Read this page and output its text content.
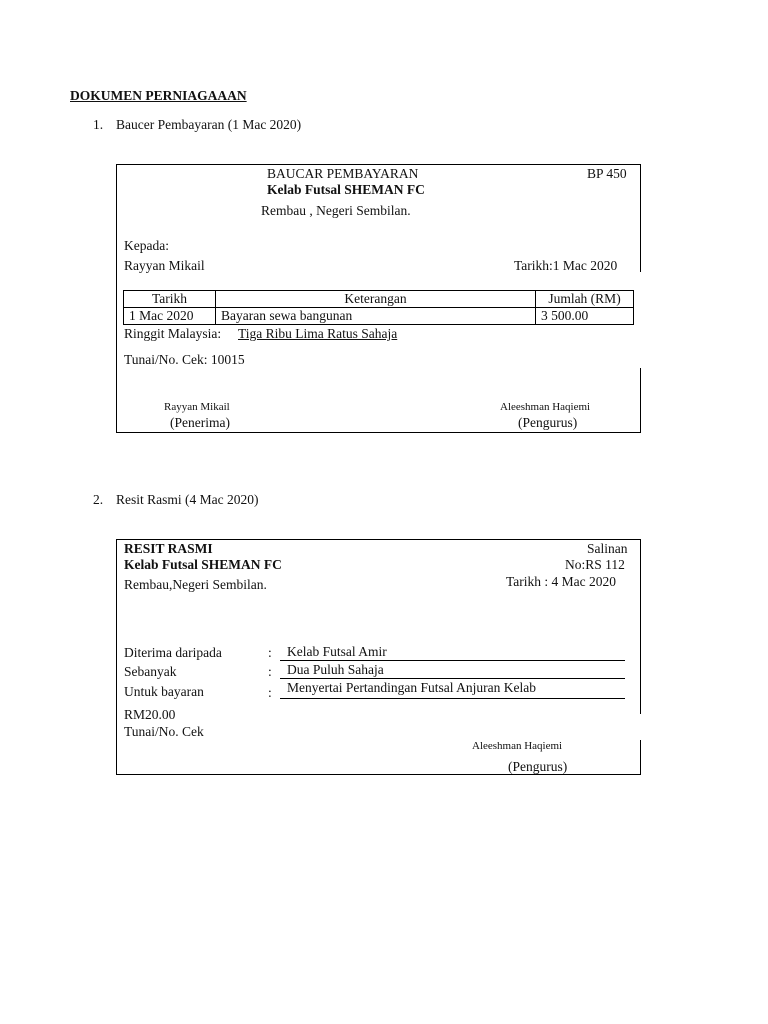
DOKUMEN PERNIAGAAAN
1. Baucer Pembayaran (1 Mac 2020)
BAUCAR PEMBAYARAN	BP 450
Kelab Futsal SHEMAN FC
Rembau , Negeri Sembilan.
Kepada:
Rayyan Mikail	Tarikh:1 Mac 2020
Tarikh	Keterangan	Jumlah (RM)
1 Mac 2020	Bayaran sewa bangunan	3 500.00
Ringgit Malaysia: Tiga Ribu Lima Ratus Sahaja
Tunai/No. Cek: 10015
Rayyan Mikail
(Penerima)
Aleeshman Haqiemi
(Pengurus)
2. Resit Rasmi (4 Mac 2020)
RESIT RASMI	Salinan
Kelab Futsal SHEMAN FC	No:RS 112
Rembau,Negeri Sembilan.	Tarikh : 4 Mac 2020
Diterima daripada	: Kelab Futsal Amir
Sebanyak	: Dua Puluh Sahaja
Untuk bayaran	: Menyertai Pertandingan Futsal Anjuran Kelab
RM20.00
Tunai/No. Cek
Aleeshman Haqiemi
(Pengurus)
